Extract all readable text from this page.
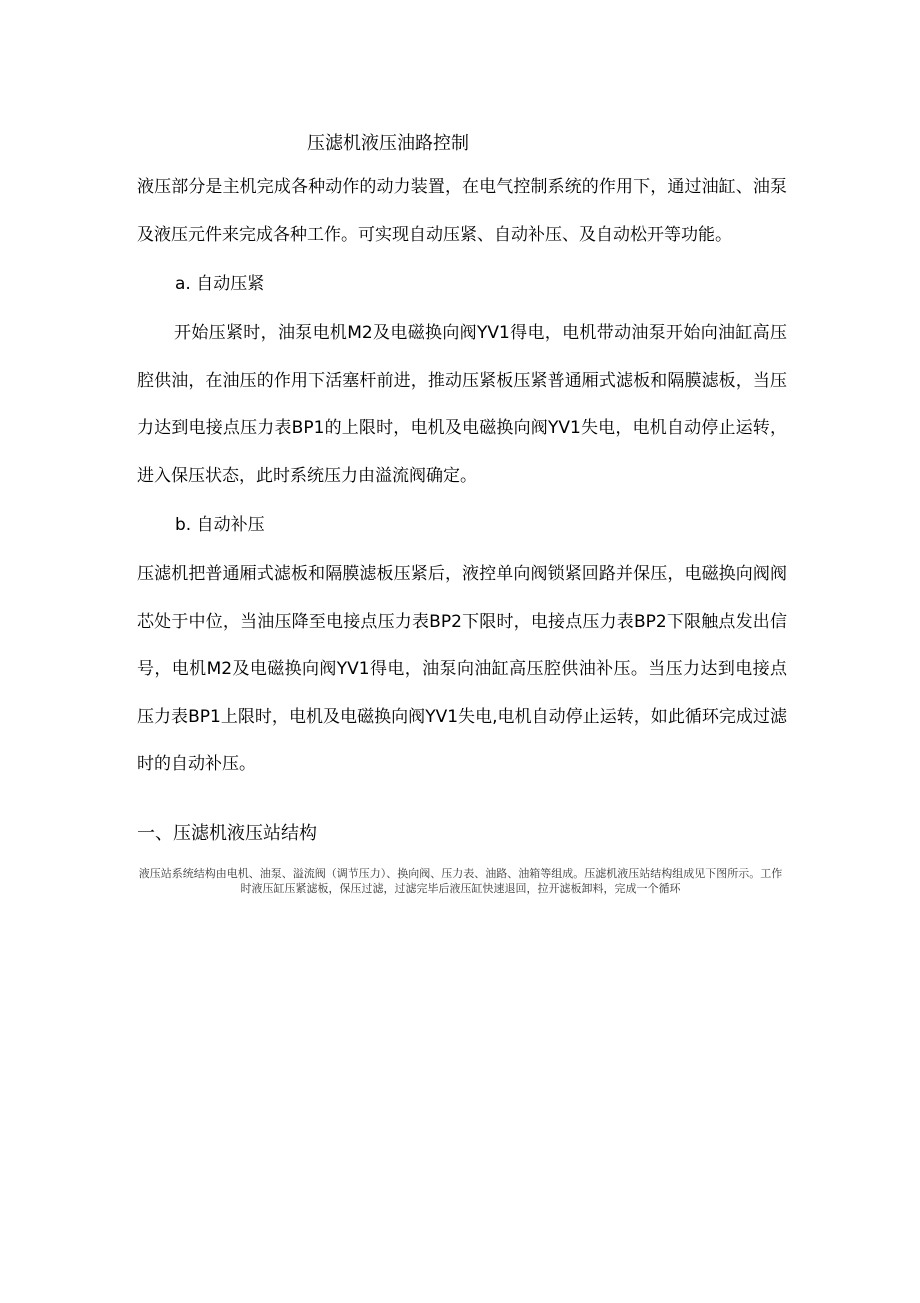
压滤机液压油路控制

液压部分是主机完成各种动作的动力装置，在电气控制系统的作用下，通过油缸、油泵及液压元件来完成各种工作。可实现自动压紧、自动补压、及自动松开等功能。

a. 自动压紧

开始压紧时，油泵电机M2及电磁换向阀YV1得电，电机带动油泵开始向油缸高压腔供油，在油压的作用下活塞杆前进，推动压紧板压紧普通厢式滤板和隔膜滤板，当压力达到电接点压力表BP1的上限时，电机及电磁换向阀YV1失电，电机自动停止运转，进入保压状态，此时系统压力由溢流阀确定。

b. 自动补压

压滤机把普通厢式滤板和隔膜滤板压紧后，液控单向阀锁紧回路并保压，电磁换向阀阀芯处于中位，当油压降至电接点压力表BP2下限时，电接点压力表BP2下限触点发出信号，电机M2及电磁换向阀YV1得电，油泵向油缸高压腔供油补压。当压力达到电接点压力表BP1上限时，电机及电磁换向阀YV1失电,电机自动停止运转，如此循环完成过滤时的自动补压。

一、压滤机液压站结构

液压站系统结构由电机、油泵、溢流阀（调节压力）、换向阀、压力表、油路、油箱等组成。压滤机液压站结构组成见下图所示。工作时液压缸压紧滤板，保压过滤，过滤完毕后液压缸快速退回，拉开滤板卸料，完成一个循环
